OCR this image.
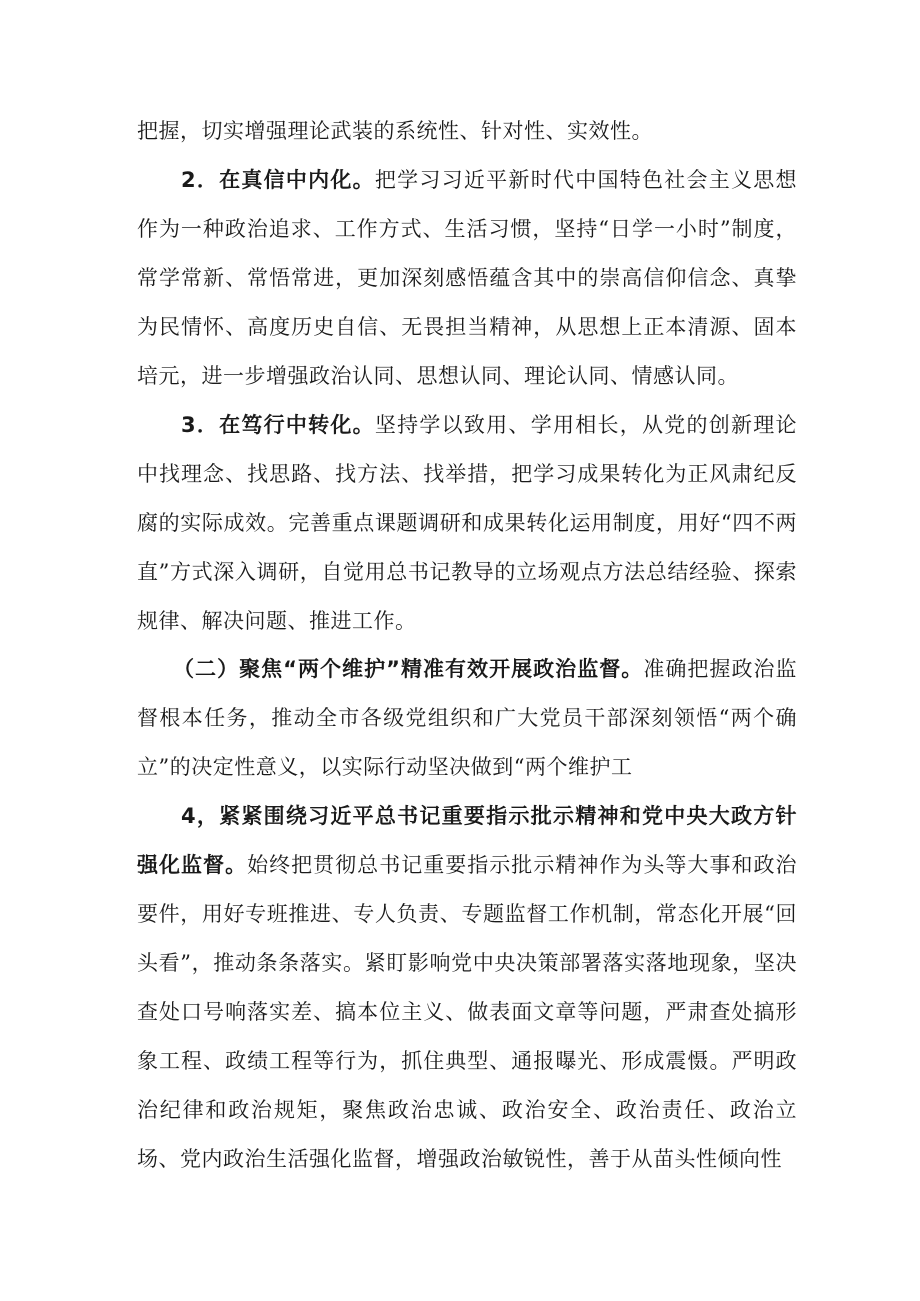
把握，切实增强理论武装的系统性、针对性、实效性。

2．在真信中内化。把学习习近平新时代中国特色社会主义思想作为一种政治追求、工作方式、生活习惯，坚持“日学一小时”制度，常学常新、常悟常进，更加深刻感悟蕴含其中的崇高信仰信念、真挚为民情怀、高度历史自信、无畏担当精神，从思想上正本清源、固本培元，进一步增强政治认同、思想认同、理论认同、情感认同。

3．在笃行中转化。坚持学以致用、学用相长，从党的创新理论中找理念、找思路、找方法、找举措，把学习成果转化为正风肃纪反腐的实际成效。完善重点课题调研和成果转化运用制度，用好“四不两直”方式深入调研，自觉用总书记教导的立场观点方法总结经验、探索规律、解决问题、推进工作。

（二）聚焦“两个维护”精准有效开展政治监督。准确把握政治监督根本任务，推动全市各级党组织和广大党员干部深刻领悟“两个确立”的决定性意义，以实际行动坚决做到“两个维护工

4，紧紧围绕习近平总书记重要指示批示精神和党中央大政方针强化监督。始终把贯彻总书记重要指示批示精神作为头等大事和政治要件，用好专班推进、专人负责、专题监督工作机制，常态化开展“回头看”，推动条条落实。紧盯影响党中央决策部署落实落地现象，坚决查处口号响落实差、搞本位主义、做表面文章等问题，严肃查处搞形象工程、政绩工程等行为，抓住典型、通报曝光、形成震慑。严明政治纪律和政治规矩，聚焦政治忠诚、政治安全、政治责任、政治立场、党内政治生活强化监督，增强政治敏锐性，善于从苗头性倾向性
